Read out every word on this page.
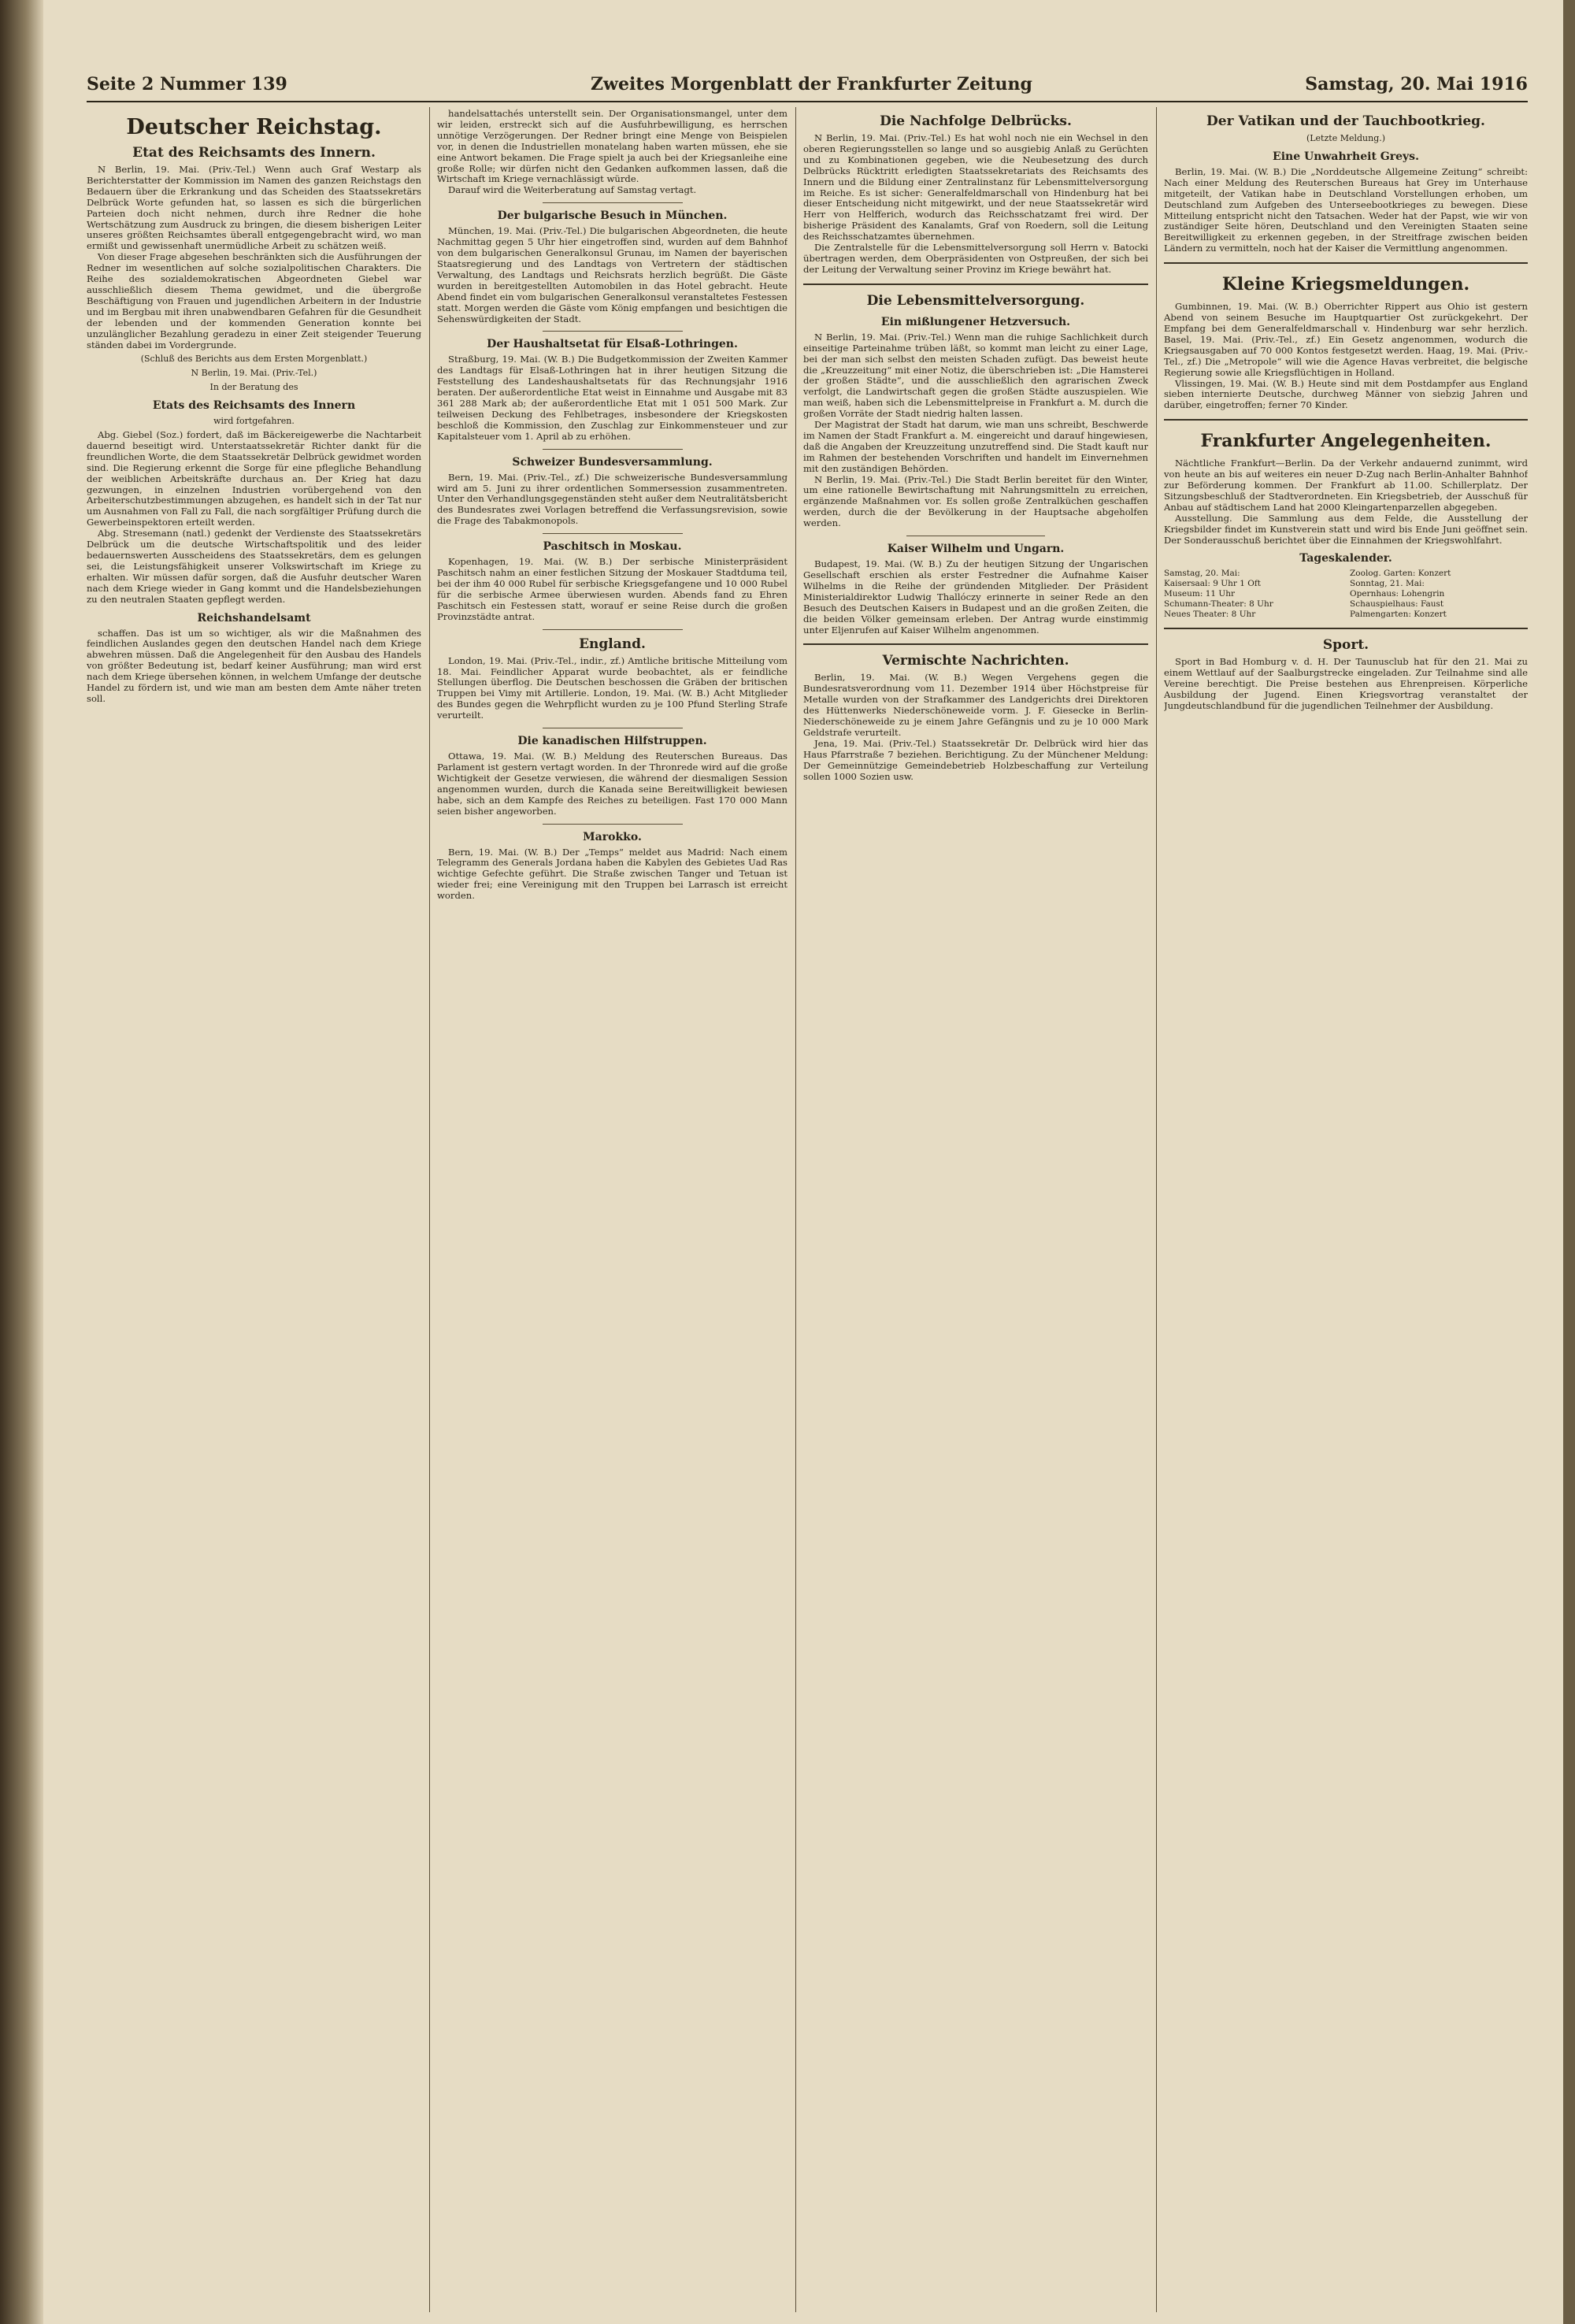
Seite 2 Nummer 139	Zweites Morgenblatt der Frankfurter Zeitung	Samstag, 20. Mai 1916
Deutscher Reichstag.
Etat des Reichsamts des Innern.

N Berlin, 19. Mai. (Priv.-Tel.) Wenn auch Graf Westarp als Berichterstatter der Kommission im Namen des ganzen Reichstags den Bedauern über die Erkrankung und das Scheiden des Staatssekretärs Delbrück Worte gefunden hat, so lassen es sich die bürgerlichen Parteien doch nicht nehmen, durch ihre Redner die hohe Wertschätzung zum Ausdruck zu bringen, die diesem bisherigen Leiter unseres größten Reichsamtes überall entgegengebracht wird, wo man ermißt und gewissenhaft unermüdliche Arbeit zu schätzen weiß.

Von dieser Frage abgesehen beschränkten sich die Ausführungen der Redner im wesentlichen auf solche sozialpolitischen Charakters. Die Reihe des sozialdemokratischen Abgeordneten Giebel war ausschließlich diesem Thema gewidmet, und die übergroße Beschäftigung von Frauen und jugendlichen Arbeitern in der Industrie und im Bergbau mit ihren unabwendbaren Gefahren für die Gesundheit der lebenden und der kommenden Generation konnte bei unzulänglicher Bezahlung geradezu in einer Zeit steigender Teuerung ständen dabei im Vordergrunde.

(Schluß des Berichts aus dem Ersten Morgenblatt.)
N Berlin, 19. Mai. (Priv.-Tel.)
In der Beratung des
Etats des Reichsamts des Innern
wird fortgefahren.

Abg. Giebel (Soz.) fordert, daß im Bäckereigewerbe die Nachtarbeit dauernd beseitigt wird. Unterstaatssekretär Richter dankt für die freundlichen Worte, die dem Staatssekretär Delbrück gewidmet worden sind. Die Regierung erkennt die Sorge für eine pflegliche Behandlung der weiblichen Arbeitskräfte durchaus an. Der Krieg hat dazu gezwungen, in einzelnen Industrien vorübergehend von den Arbeiterschutzbestimmungen abzugehen, es handelt sich in der Tat nur um Ausnahmen von Fall zu Fall, die nach sorgfältiger Prüfung durch die Gewerbeinspektoren erteilt werden.

Abg. Stresemann (natl.) gedenkt der Verdienste des Staatssekretärs Delbrück um die deutsche Wirtschaftspolitik und des leider bedauernswerten Ausscheidens des Staatssekretärs, dem es gelungen sei, die Leistungsfähigkeit unserer Volkswirtschaft im Kriege zu erhalten. Wir müssen dafür sorgen, daß die Ausfuhr deutscher Waren nach dem Kriege wieder in Gang kommt und die Handelsbeziehungen zu den neutralen Staaten gepflegt werden.

Reichshandelsamt

schaffen. Das ist um so wichtiger, als wir die Maßnahmen des feindlichen Auslandes gegen den deutschen Handel nach dem Kriege abwehren müssen. Daß die Angelegenheit für den Ausbau des Handels von größter Bedeutung ist, bedarf keiner Ausführung; man wird erst nach dem Kriege übersehen können, in welchem Umfange der deutsche Handel zu fördern ist, und wie man am besten dem Amte näher treten soll.

handelsattachés unterstellt sein. Der Organisationsmangel, unter dem wir leiden, erstreckt sich auf die Ausfuhrbewilligung, es herrschen unnötige Verzögerungen. Der Redner bringt eine Menge von Beispielen vor, in denen die Industriellen monatelang haben warten müssen, ehe sie eine Antwort bekamen. Die Frage spielt ja auch bei der Kriegsanleihe eine große Rolle; wir dürfen nicht den Gedanken aufkommen lassen, daß die Wirtschaft im Kriege vernachlässigt würde.

Darauf wird die Weiterberatung auf Samstag vertagt.

Der bulgarische Besuch in München.

München, 19. Mai. (Priv.-Tel.) Die bulgarischen Abgeordneten, die heute Nachmittag gegen 5 Uhr hier eingetroffen sind, wurden auf dem Bahnhof von dem bulgarischen Generalkonsul Grunau, im Namen der bayerischen Staatsregierung und des Landtags von Vertretern der städtischen Verwaltung, des Landtags und Reichsrats herzlich begrüßt. Die Gäste wurden in bereitgestellten Automobilen in das Hotel gebracht. Heute Abend findet ein vom bulgarischen Generalkonsul veranstaltetes Festessen statt. Morgen werden die Gäste vom König empfangen und besichtigen die Sehenswürdigkeiten der Stadt.

Der Haushaltsetat für Elsaß-Lothringen.

Straßburg, 19. Mai. (W. B.) Die Budgetkommission der Zweiten Kammer des Landtags für Elsaß-Lothringen hat in ihrer heutigen Sitzung die Feststellung des Landeshaushaltsetats für das Rechnungsjahr 1916 beraten. Der außerordentliche Etat weist in Einnahme und Ausgabe mit 83 361 288 Mark ab; der außerordentliche Etat mit 1 051 500 Mark. Zur teilweisen Deckung des Fehlbetrages, insbesondere der Kriegskosten beschloß die Kommission, den Zuschlag zur Einkommensteuer und zur Kapitalsteuer vom 1. April ab zu erhöhen.

Schweizer Bundesversammlung.

Bern, 19. Mai. (Priv.-Tel., zf.) Die schweizerische Bundesversammlung wird am 5. Juni zu ihrer ordentlichen Sommersession zusammentreten. Unter den Verhandlungsgegenständen steht außer dem Neutralitätsbericht des Bundesrates zwei Vorlagen betreffend die Verfassungsrevision, sowie die Frage des Tabakmonopols.

Paschitsch in Moskau.

Kopenhagen, 19. Mai. (W. B.) Der serbische Ministerpräsident Paschitsch nahm an einer festlichen Sitzung der Moskauer Stadtduma teil, bei der ihm 40 000 Rubel für serbische Kriegsgefangene und 10 000 Rubel für die serbische Armee überwiesen wurden. Abends fand zu Ehren Paschitsch ein Festessen statt, worauf er seine Reise durch die großen Provinzstädte antrat.

England.

London, 19. Mai. (Priv.-Tel., indir., zf.) Amtliche britische Mitteilung vom 18. Mai. Feindlicher Apparat wurde beobachtet, als er feindliche Stellungen überflog. Die Deutschen beschossen die Gräben der britischen Truppen bei Vimy mit Artillerie. London, 19. Mai. (W. B.) Acht Mitglieder des Bundes gegen die Wehrpflicht wurden zu je 100 Pfund Sterling Strafe verurteilt.

Die kanadischen Hilfstruppen.

Ottawa, 19. Mai. (W. B.) Meldung des Reuterschen Bureaus. Das Parlament ist gestern vertagt worden. In der Thronrede wird auf die große Wichtigkeit der Gesetze verwiesen, die während der diesmaligen Session angenommen wurden, durch die Kanada seine Bereitwilligkeit bewiesen habe, sich an dem Kampfe des Reiches zu beteiligen. Fast 170 000 Mann seien bisher angeworben.

Marokko.

Bern, 19. Mai. (W. B.) Der „Temps“ meldet aus Madrid: Nach einem Telegramm des Generals Jordana haben die Kabylen des Gebietes Uad Ras wichtige Gefechte geführt. Die Straße zwischen Tanger und Tetuan ist wieder frei; eine Vereinigung mit den Truppen bei Larrasch ist erreicht worden.

Die Nachfolge Delbrücks.

N Berlin, 19. Mai. (Priv.-Tel.) Es hat wohl noch nie ein Wechsel in den oberen Regierungsstellen so lange und so ausgiebig Anlaß zu Gerüchten und zu Kombinationen gegeben, wie die Neubesetzung des durch Delbrücks Rücktritt erledigten Staatssekretariats des Reichsamts des Innern und die Bildung einer Zentralinstanz für Lebensmittelversorgung im Reiche. Es ist sicher: Generalfeldmarschall von Hindenburg hat bei dieser Entscheidung nicht mitgewirkt, und der neue Staatssekretär wird Herr von Helfferich, wodurch das Reichsschatzamt frei wird. Der bisherige Präsident des Kanalamts, Graf von Roedern, soll die Leitung des Reichsschatzamtes übernehmen.

Die Zentralstelle für die Lebensmittelversorgung soll Herrn v. Batocki übertragen werden, dem Oberpräsidenten von Ostpreußen, der sich bei der Leitung der Verwaltung seiner Provinz im Kriege bewährt hat.

Die Lebensmittelversorgung.
Ein mißlungener Hetzversuch.

N Berlin, 19. Mai. (Priv.-Tel.) Wenn man die ruhige Sachlichkeit durch einseitige Parteinahme trüben läßt, so kommt man leicht zu einer Lage, bei der man sich selbst den meisten Schaden zufügt. Das beweist heute die „Kreuzzeitung“ mit einer Notiz, die überschrieben ist: „Die Hamsterei der großen Städte“, und die ausschließlich den agrarischen Zweck verfolgt, die Landwirtschaft gegen die großen Städte auszuspielen. Wie man weiß, haben sich die Lebensmittelpreise in Frankfurt a. M. durch die großen Vorräte der Stadt niedrig halten lassen.

Der Magistrat der Stadt hat darum, wie man uns schreibt, Beschwerde im Namen der Stadt Frankfurt a. M. eingereicht und darauf hingewiesen, daß die Angaben der Kreuzzeitung unzutreffend sind. Die Stadt kauft nur im Rahmen der bestehenden Vorschriften und handelt im Einvernehmen mit den zuständigen Behörden.

N Berlin, 19. Mai. (Priv.-Tel.) Die Stadt Berlin bereitet für den Winter, um eine rationelle Bewirtschaftung mit Nahrungsmitteln zu erreichen, ergänzende Maßnahmen vor. Es sollen große Zentralküchen geschaffen werden, durch die der Bevölkerung in der Hauptsache abgeholfen werden.

Kaiser Wilhelm und Ungarn.

Budapest, 19. Mai. (W. B.) Zu der heutigen Sitzung der Ungarischen Gesellschaft erschien als erster Festredner die Aufnahme Kaiser Wilhelms in die Reihe der gründenden Mitglieder. Der Präsident Ministerialdirektor Ludwig Thallóczy erinnerte in seiner Rede an den Besuch des Deutschen Kaisers in Budapest und an die großen Zeiten, die die beiden Völker gemeinsam erleben. Der Antrag wurde einstimmig unter Eljenrufen auf Kaiser Wilhelm angenommen.

Vermischte Nachrichten.

Berlin, 19. Mai. (W. B.) Wegen Vergehens gegen die Bundesratsverordnung vom 11. Dezember 1914 über Höchstpreise für Metalle wurden von der Strafkammer des Landgerichts drei Direktoren des Hüttenwerks Niederschöneweide vorm. J. F. Giesecke in Berlin-Niederschöneweide zu je einem Jahre Gefängnis und zu je 10 000 Mark Geldstrafe verurteilt.

Jena, 19. Mai. (Priv.-Tel.) Staatssekretär Dr. Delbrück wird hier das Haus Pfarrstraße 7 beziehen. Berichtigung. Zu der Münchener Meldung: Der Gemeinnützige Gemeindebetrieb Holzbeschaffung zur Verteilung sollen 1000 Sozien usw.

Der Vatikan und der Tauchbootkrieg.
(Letzte Meldung.)
Eine Unwahrheit Greys.

Berlin, 19. Mai. (W. B.) Die „Norddeutsche Allgemeine Zeitung“ schreibt: Nach einer Meldung des Reuterschen Bureaus hat Grey im Unterhause mitgeteilt, der Vatikan habe in Deutschland Vorstellungen erhoben, um Deutschland zum Aufgeben des Unterseebootkrieges zu bewegen. Diese Mitteilung entspricht nicht den Tatsachen. Weder hat der Papst, wie wir von zuständiger Seite hören, Deutschland und den Vereinigten Staaten seine Bereitwilligkeit zu erkennen gegeben, in der Streitfrage zwischen beiden Ländern zu vermitteln, noch hat der Kaiser die Vermittlung angenommen.

Kleine Kriegsmeldungen.

Gumbinnen, 19. Mai. (W. B.) Oberrichter Rippert aus Ohio ist gestern Abend von seinem Besuche im Hauptquartier Ost zurückgekehrt. Der Empfang bei dem Generalfeldmarschall v. Hindenburg war sehr herzlich. Basel, 19. Mai. (Priv.-Tel., zf.) Ein Gesetz angenommen, wodurch die Kriegsausgaben auf 70 000 Kontos festgesetzt werden. Haag, 19. Mai. (Priv.-Tel., zf.) Die „Metropole“ will wie die Agence Havas verbreitet, die belgische Regierung sowie alle Kriegsflüchtigen in Holland.

Vlissingen, 19. Mai. (W. B.) Heute sind mit dem Postdampfer aus England sieben internierte Deutsche, durchweg Männer von siebzig Jahren und darüber, eingetroffen; ferner 70 Kinder.

Frankfurter Angelegenheiten.

Nächtliche Frankfurt—Berlin. Da der Verkehr andauernd zunimmt, wird von heute an bis auf weiteres ein neuer D-Zug nach Berlin-Anhalter Bahnhof zur Beförderung kommen. Der Frankfurt ab 11.00. Schillerplatz. Der Sitzungsbeschluß der Stadtverordneten. Ein Kriegsbetrieb, der Ausschuß für Anbau auf städtischem Land hat 2000 Kleingartenparzellen abgegeben.

Ausstellung. Die Sammlung aus dem Felde, die Ausstellung der Kriegsbilder findet im Kunstverein statt und wird bis Ende Juni geöffnet sein. Der Sonderausschuß berichtet über die Einnahmen der Kriegswohlfahrt.

Tageskalender.
Samstag, 20. Mai:
Kaisersaal: 9 Uhr 1 Oft
Museum: 11 Uhr
Schumann-Theater: 8 Uhr
Neues Theater: 8 Uhr
Zoolog. Garten: Konzert
Sonntag, 21. Mai:
Opernhaus: Lohengrin
Schauspielhaus: Faust
Palmengarten: Konzert
Sport.

Sport in Bad Homburg v. d. H. Der Taunusclub hat für den 21. Mai zu einem Wettlauf auf der Saalburgstrecke eingeladen. Zur Teilnahme sind alle Vereine berechtigt. Die Preise bestehen aus Ehrenpreisen. Körperliche Ausbildung der Jugend. Einen Kriegsvortrag veranstaltet der Jungdeutschlandbund für die jugendlichen Teilnehmer der Ausbildung.
